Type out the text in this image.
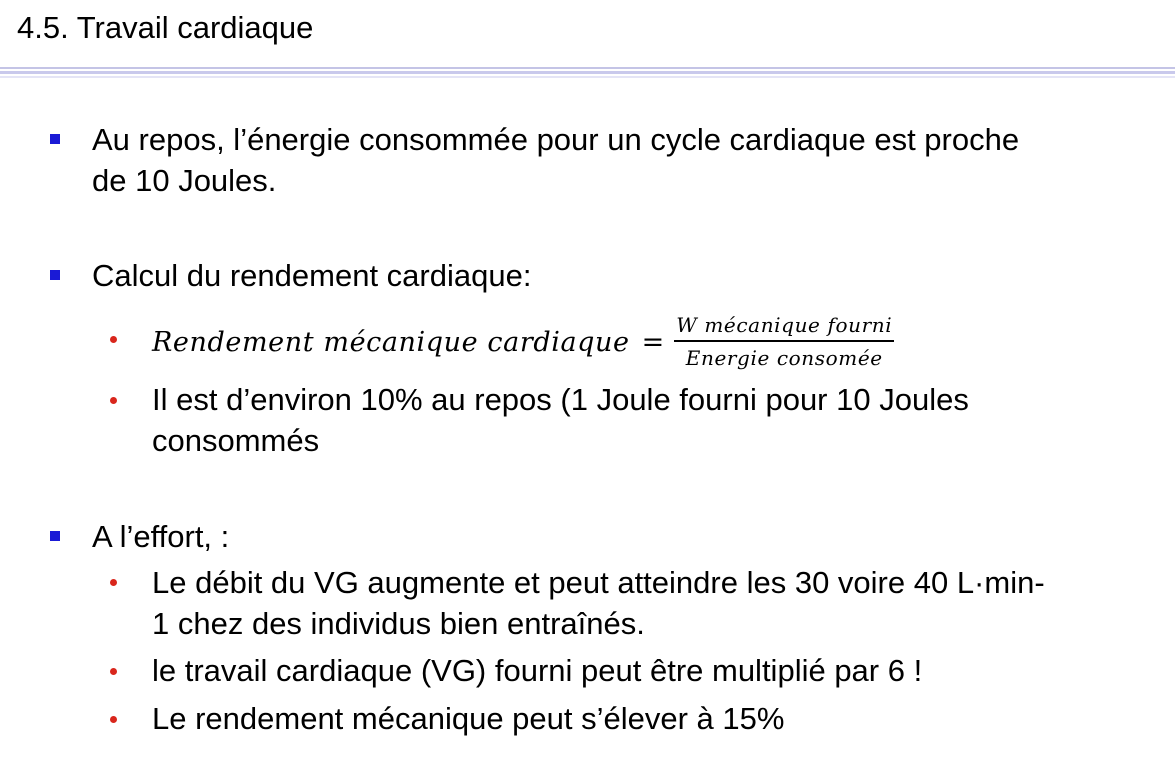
4.5. Travail cardiaque
Au repos, l’énergie consommée pour un cycle cardiaque est proche
de 10 Joules.
Calcul du rendement cardiaque:
Rendement mécanique cardiaque = $\frac{\text{W mécanique fourni}}{\text{Energie consomée}}$
Il est d’environ 10% au repos (1 Joule fourni pour 10 Joules
consommés
A l’effort, :
Le débit du VG augmente et peut atteindre les 30 voire 40 L·min-
1 chez des individus bien entraînés.
le travail cardiaque (VG) fourni peut être multiplié par 6 !
Le rendement mécanique peut s’élever à 15%
